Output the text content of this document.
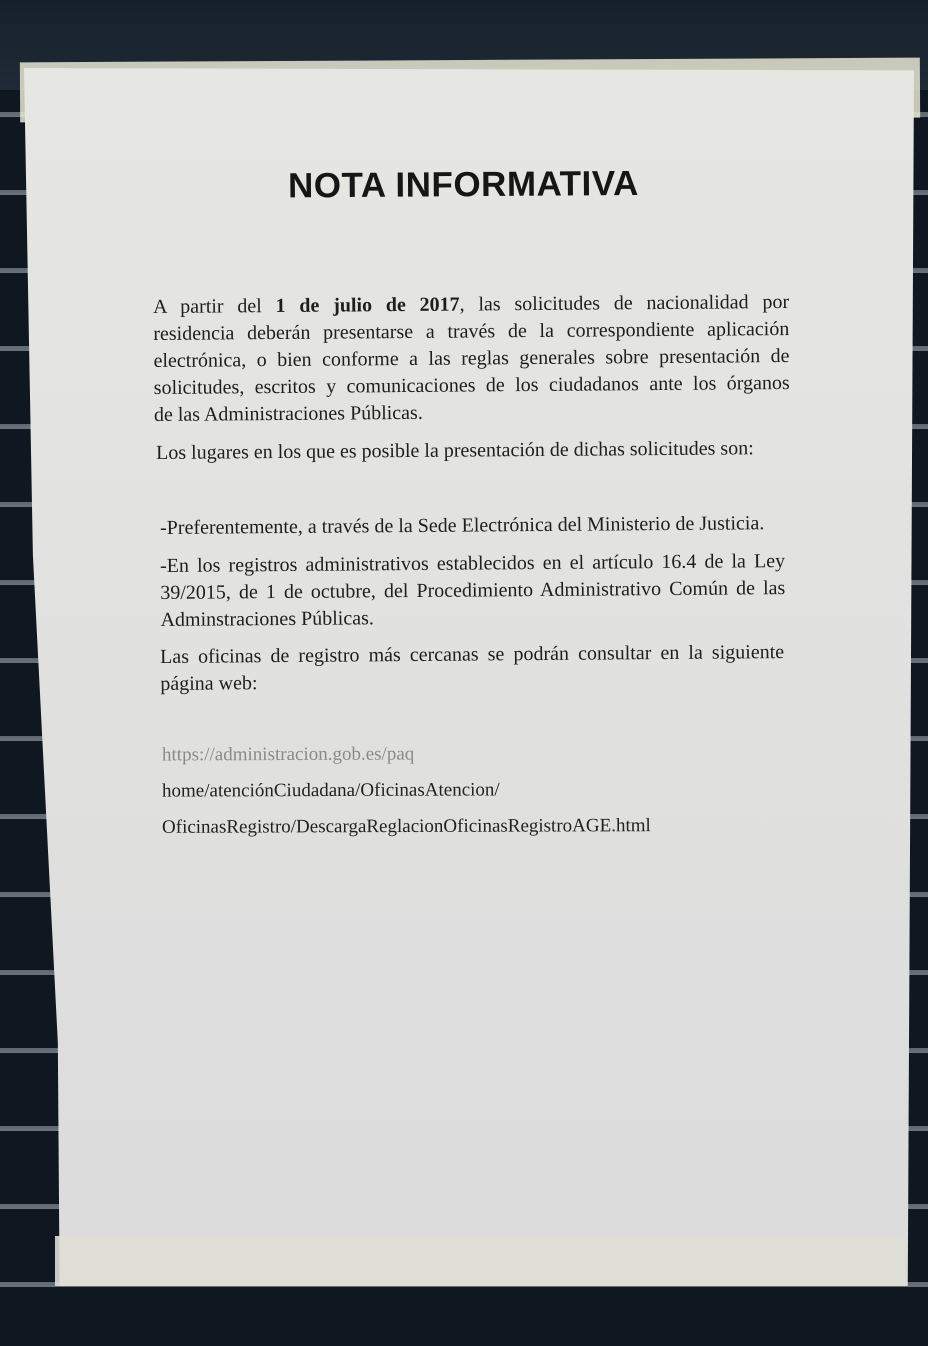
NOTA INFORMATIVA
A partir del 1 de julio de 2017, las solicitudes de nacionalidad por
residencia deberán presentarse a través de la correspondiente aplicación
electrónica, o bien conforme a las reglas generales sobre presentación de
solicitudes, escritos y comunicaciones de los ciudadanos ante los órganos
de las Administraciones Públicas.
Los lugares en los que es posible la presentación de dichas solicitudes son:
-Preferentemente, a través de la Sede Electrónica del Ministerio de Justicia.
-En los registros administrativos establecidos en el artículo 16.4 de la Ley
39/2015, de 1 de octubre, del Procedimiento Administrativo Común de las
Adminstraciones Públicas.
Las oficinas de registro más cercanas se podrán consultar en la siguiente
página web:
https://administracion.gob.es/paq
home/atenciónCiudadana/OficinasAtencion/
OficinasRegistro/DescargaReglacionOficinasRegistroAGE.html
